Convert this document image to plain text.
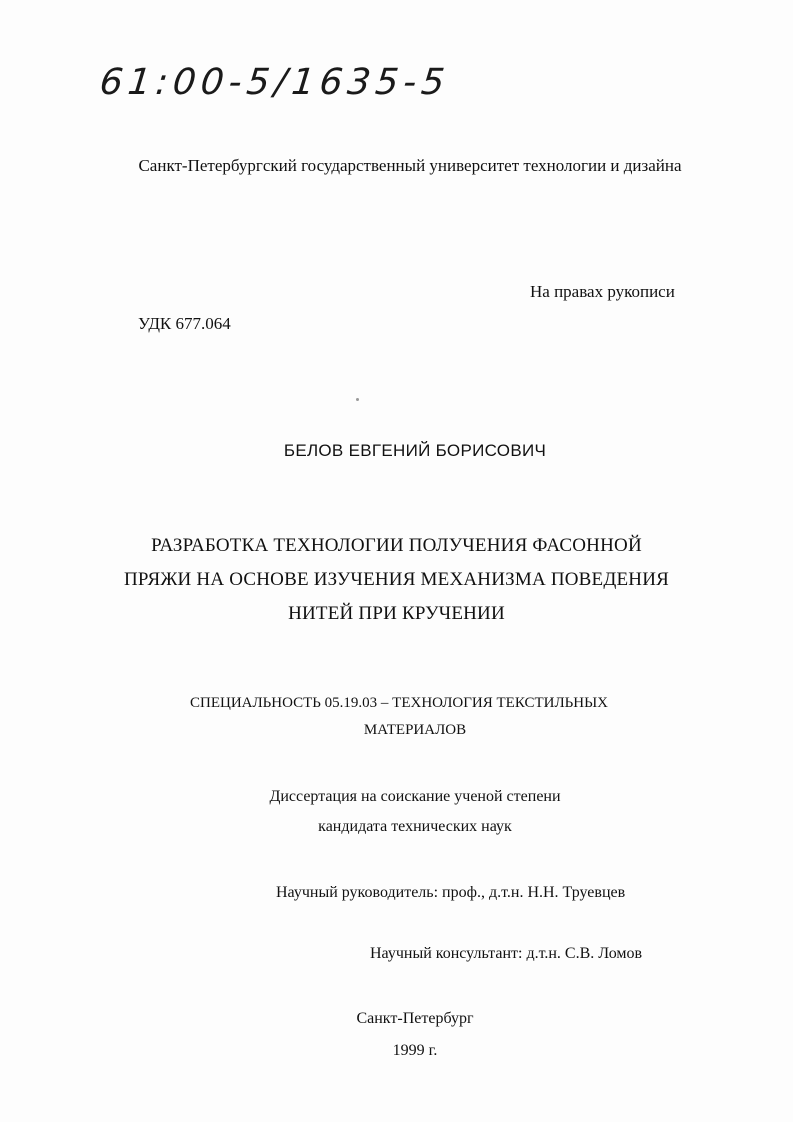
61:00-5/1635-5
Санкт-Петербургский государственный университет технологии и дизайна
На правах рукописи
УДК 677.064
БЕЛОВ ЕВГЕНИЙ БОРИСОВИЧ
РАЗРАБОТКА ТЕХНОЛОГИИ ПОЛУЧЕНИЯ ФАСОННОЙ
ПРЯЖИ НА ОСНОВЕ ИЗУЧЕНИЯ МЕХАНИЗМА ПОВЕДЕНИЯ
НИТЕЙ ПРИ КРУЧЕНИИ
СПЕЦИАЛЬНОСТЬ 05.19.03 – ТЕХНОЛОГИЯ ТЕКСТИЛЬНЫХ
МАТЕРИАЛОВ
Диссертация на соискание ученой степени
кандидата технических наук
Научный руководитель: проф., д.т.н. Н.Н. Труевцев
Научный консультант: д.т.н. С.В. Ломов
Санкт-Петербург
1999 г.
